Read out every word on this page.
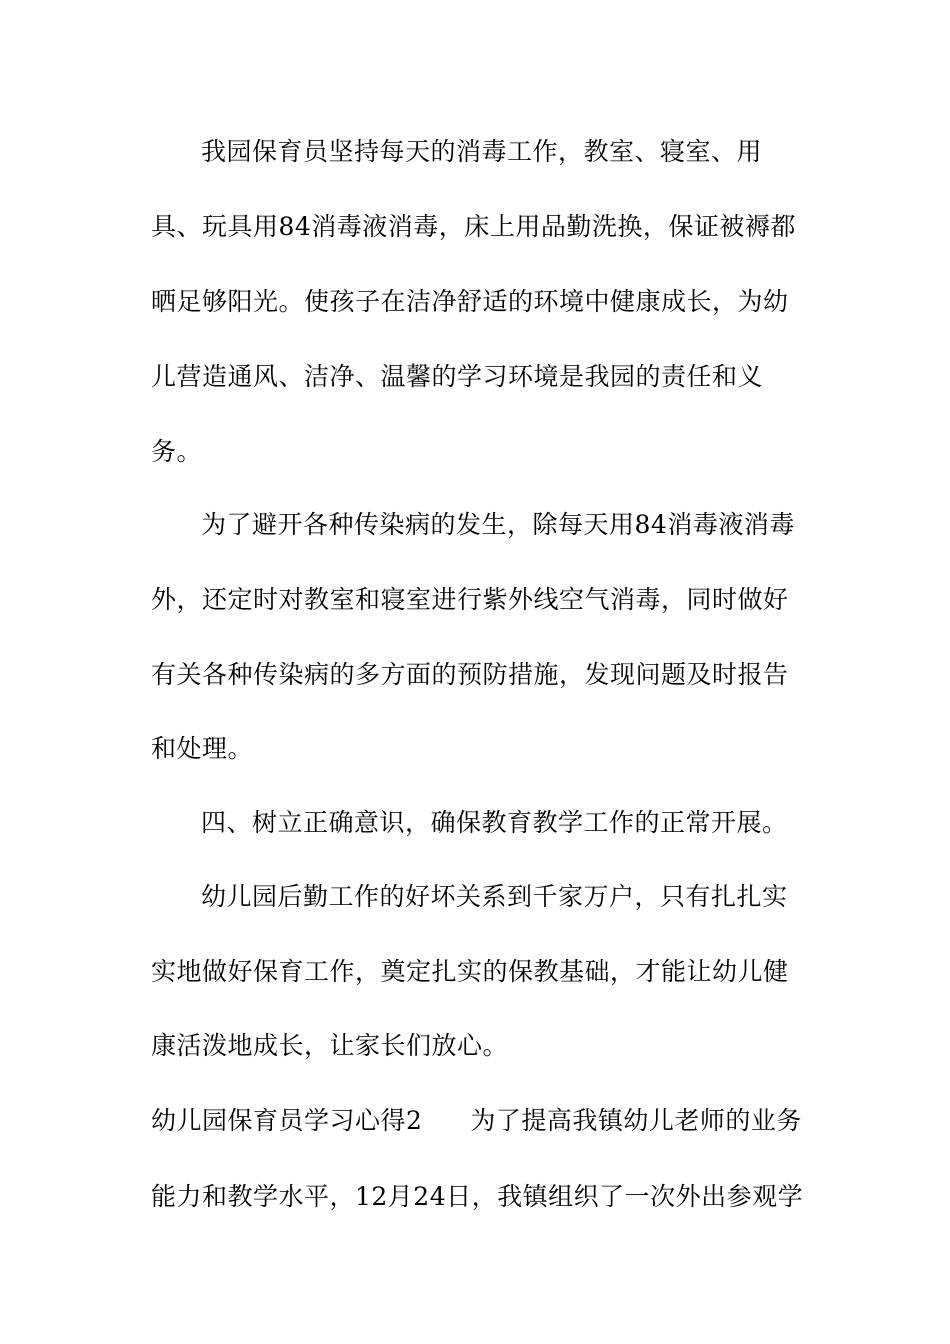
我园保育员坚持每天的消毒工作，教室、寝室、用
具、玩具用84消毒液消毒，床上用品勤洗换，保证被褥都
晒足够阳光。使孩子在洁净舒适的环境中健康成长，为幼
儿营造通风、洁净、温馨的学习环境是我园的责任和义
务。
为了避开各种传染病的发生，除每天用84消毒液消毒
外，还定时对教室和寝室进行紫外线空气消毒，同时做好
有关各种传染病的多方面的预防措施，发现问题及时报告
和处理。
四、树立正确意识，确保教育教学工作的正常开展。
幼儿园后勤工作的好坏关系到千家万户，只有扎扎实
实地做好保育工作，奠定扎实的保教基础，才能让幼儿健
康活泼地成长，让家长们放心。
幼儿园保育员学习心得2 为了提高我镇幼儿老师的业务
能力和教学水平，12月24日，我镇组织了一次外出参观学
